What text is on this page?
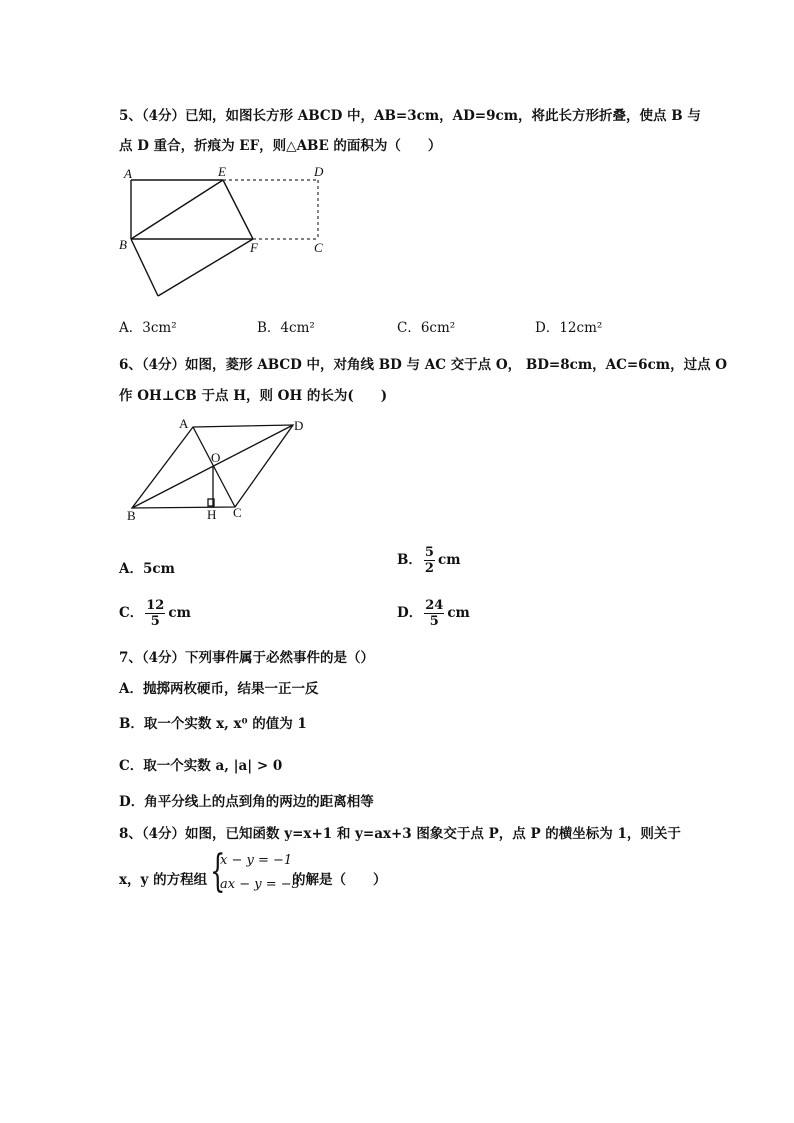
5、（4分）已知，如图长方形 ABCD 中，AB=3cm，AD=9cm，将此长方形折叠，使点 B 与
点 D 重合，折痕为 EF，则△ABE 的面积为（　　）
A	E	D
B	F	C
A．3cm²	B．4cm²	C．6cm²	D．12cm²
6、（4分）如图，菱形 ABCD 中，对角线 BD 与 AC 交于点 O， BD=8cm，AC=6cm，过点 O
作 OH⊥CB 于点 H，则 OH 的长为(　　)
A	D
O
B	H C
A．5cm
B． $\frac{5}{2}$ cm
C． $\frac{12}{5}$ cm	D． $\frac{24}{5}$ cm
7、（4分）下列事件属于必然事件的是（）
A．抛掷两枚硬币，结果一正一反
B．取一个实数 x, x⁰ 的值为 1
C．取一个实数 a, |a| > 0
D．角平分线上的点到角的两边的距离相等
8、（4分）如图，已知函数 y=x+1 和 y=ax+3 图象交于点 P，点 P 的横坐标为 1，则关于
x，y 的方程组 {
x − y = −1
ax − y = −3
的解是（　　）
